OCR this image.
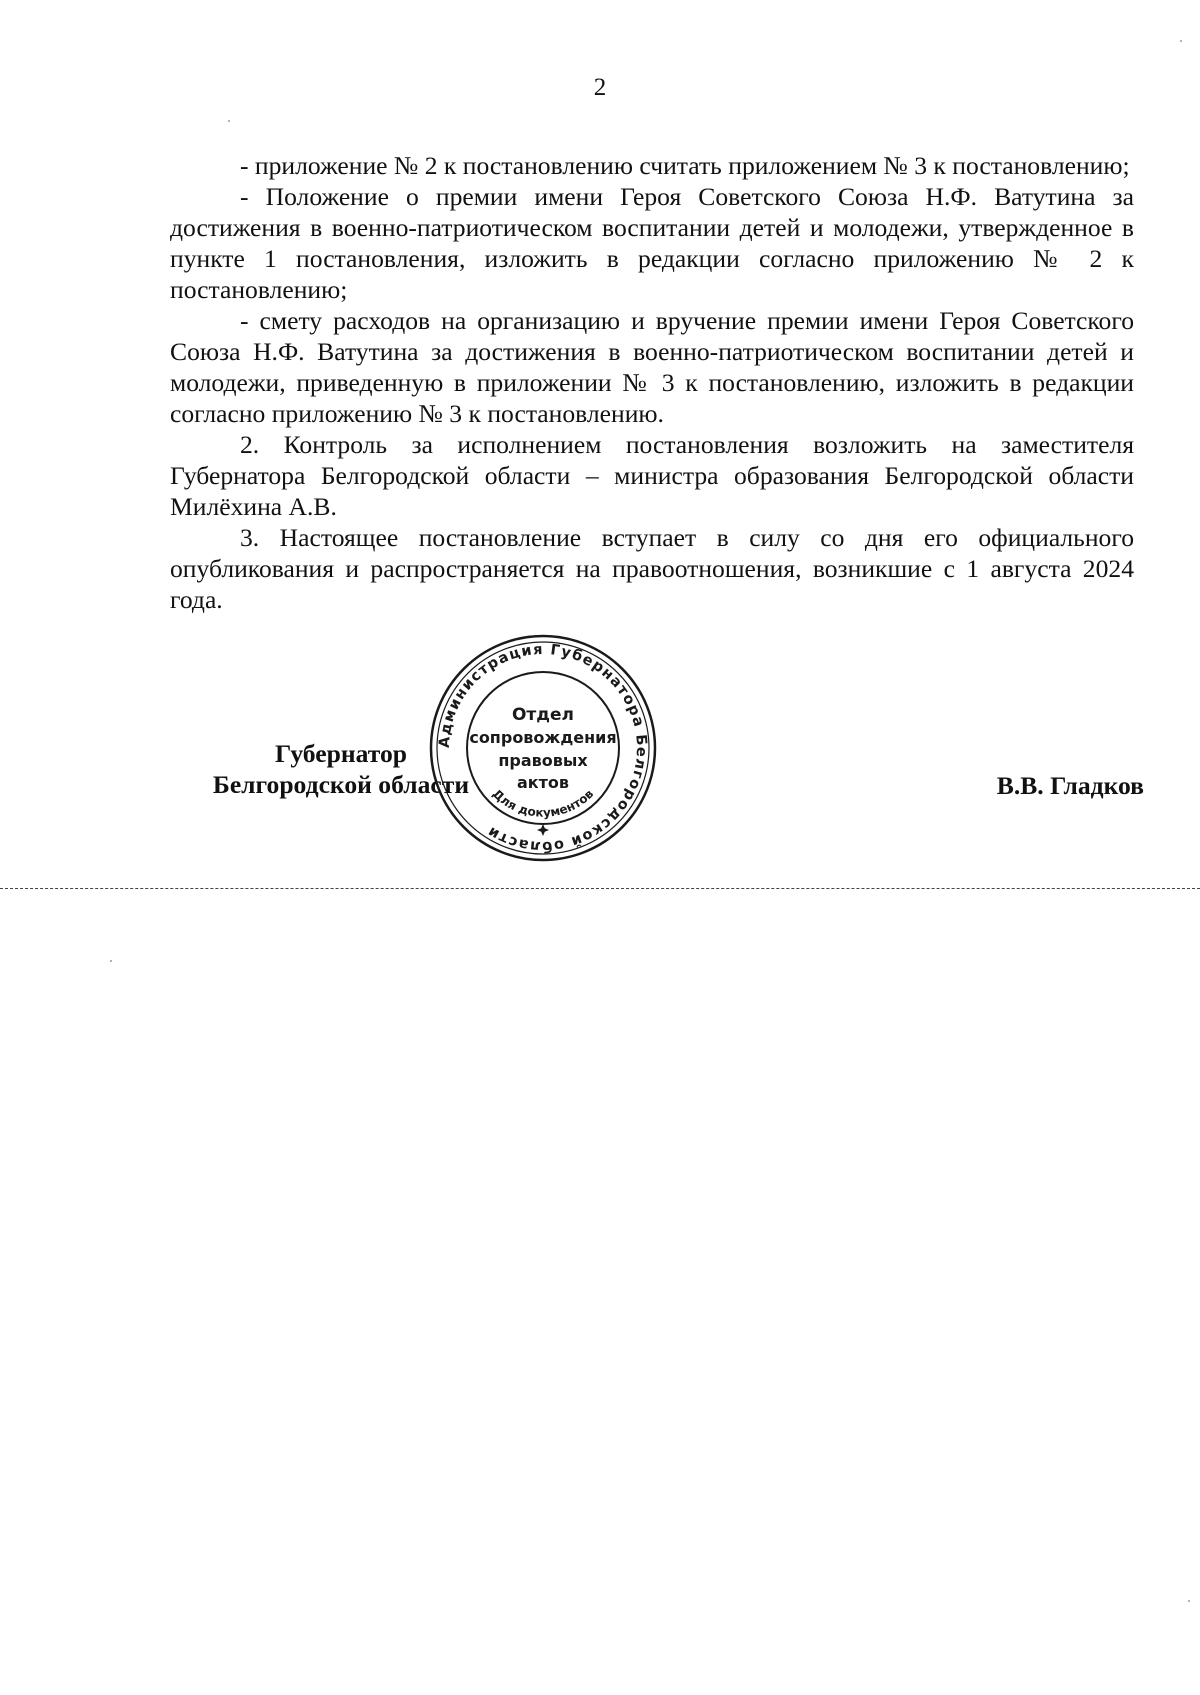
2

- приложение № 2 к постановлению считать приложением № 3 к постановлению;

- Положение о премии имени Героя Советского Союза Н.Ф. Ватутина за достижения в военно-патриотическом воспитании детей и молодежи, утвержденное в пункте 1 постановления, изложить в редакции согласно приложению № 2 к постановлению;

- смету расходов на организацию и вручение премии имени Героя Советского Союза Н.Ф. Ватутина за достижения в военно-патриотическом воспитании детей и молодежи, приведенную в приложении № 3 к постановлению, изложить в редакции согласно приложению № 3 к постановлению.

2. Контроль за исполнением постановления возложить на заместителя Губернатора Белгородской области – министра образования Белгородской области Милёхина А.В.

3. Настоящее постановление вступает в силу со дня его официального опубликования и распространяется на правоотношения, возникшие с 1 августа 2024 года.

Губернатор
Белгородской области
Администрация Губернатора Белгородской области
Отдел
сопровождения
правовых
актов
Для документов	В.В. Гладков
